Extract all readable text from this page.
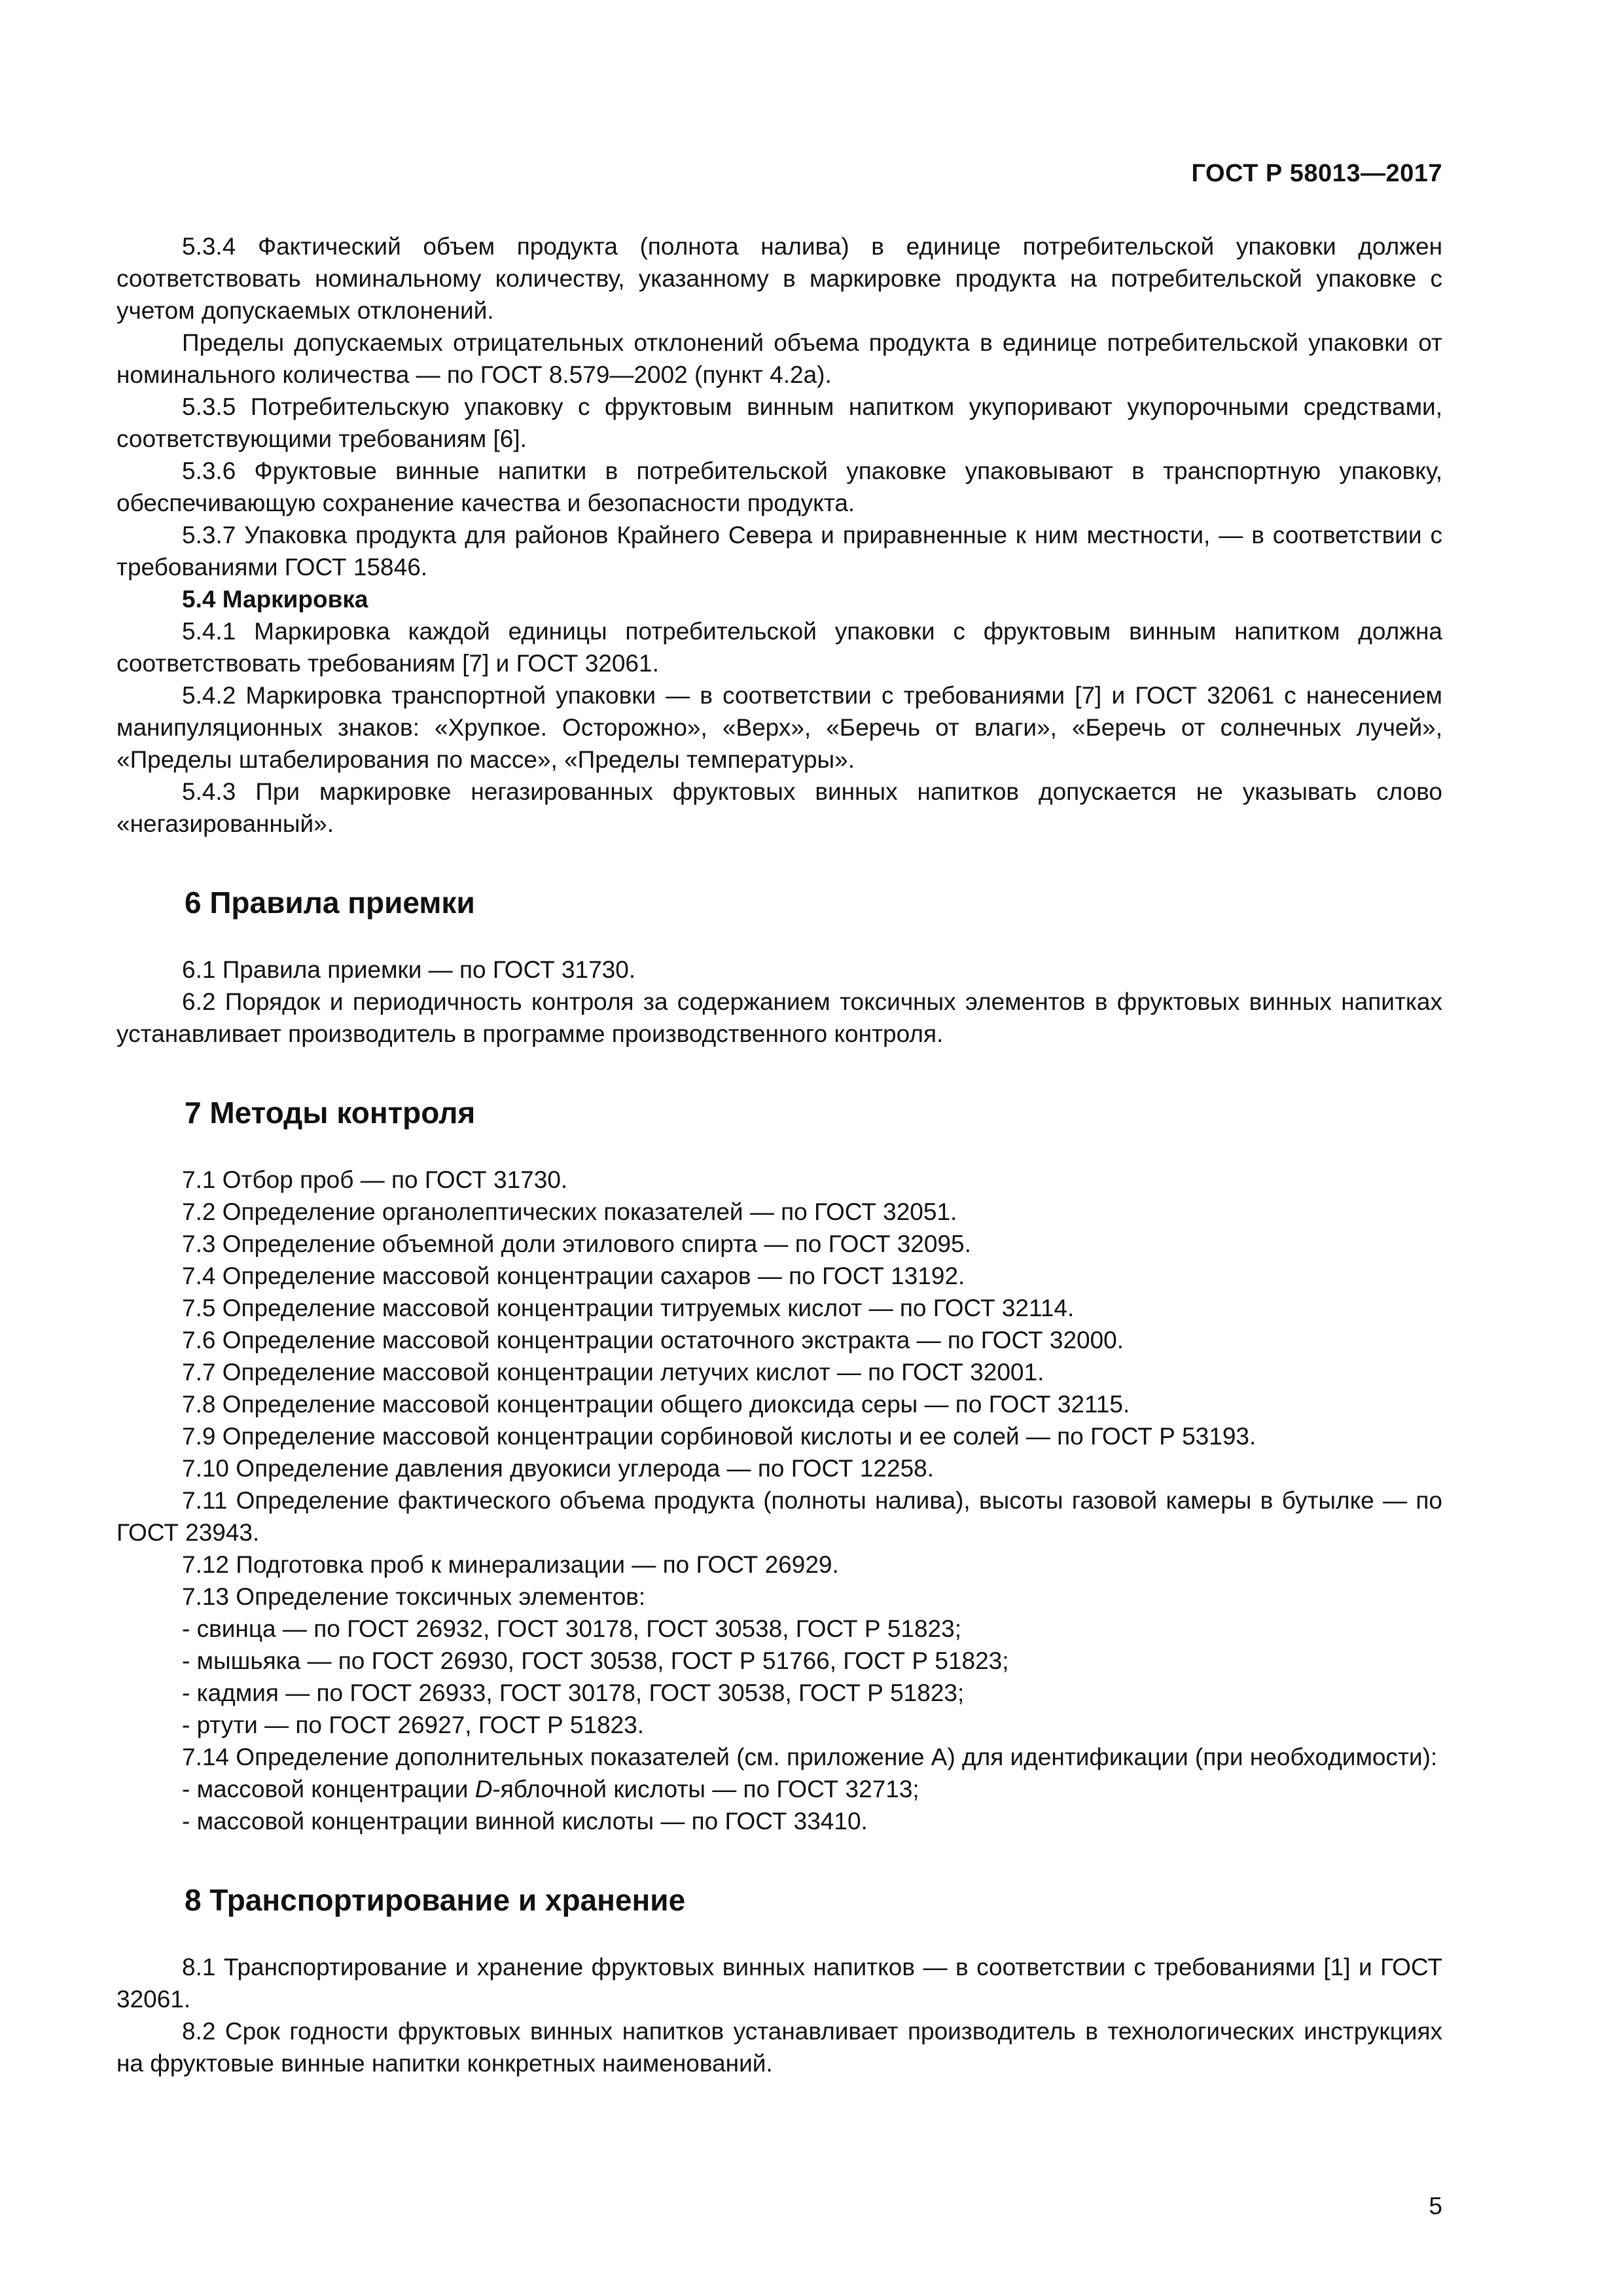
ГОСТ Р 58013—2017

5.3.4 Фактический объем продукта (полнота налива) в единице потребительской упаковки должен соответствовать номинальному количеству, указанному в маркировке продукта на потребительской упаковке с учетом допускаемых отклонений.

Пределы допускаемых отрицательных отклонений объема продукта в единице потребительской упаковки от номинального количества — по ГОСТ 8.579—2002 (пункт 4.2а).

5.3.5 Потребительскую упаковку с фруктовым винным напитком укупоривают укупорочными средствами, соответствующими требованиям [6].

5.3.6 Фруктовые винные напитки в потребительской упаковке упаковывают в транспортную упаковку, обеспечивающую сохранение качества и безопасности продукта.

5.3.7 Упаковка продукта для районов Крайнего Севера и приравненные к ним местности, — в соответствии с требованиями ГОСТ 15846.

5.4 Маркировка

5.4.1 Маркировка каждой единицы потребительской упаковки с фруктовым винным напитком должна соответствовать требованиям [7] и ГОСТ 32061.

5.4.2 Маркировка транспортной упаковки — в соответствии с требованиями [7] и ГОСТ 32061 с нанесением манипуляционных знаков: «Хрупкое. Осторожно», «Верх», «Беречь от влаги», «Беречь от солнечных лучей», «Пределы штабелирования по массе», «Пределы температуры».

5.4.3 При маркировке негазированных фруктовых винных напитков допускается не указывать слово «негазированный».

6 Правила приемки

6.1 Правила приемки — по ГОСТ 31730.

6.2 Порядок и периодичность контроля за содержанием токсичных элементов в фруктовых винных напитках устанавливает производитель в программе производственного контроля.

7 Методы контроля

7.1 Отбор проб — по ГОСТ 31730.

7.2 Определение органолептических показателей — по ГОСТ 32051.

7.3 Определение объемной доли этилового спирта — по ГОСТ 32095.

7.4 Определение массовой концентрации сахаров — по ГОСТ 13192.

7.5 Определение массовой концентрации титруемых кислот — по ГОСТ 32114.

7.6 Определение массовой концентрации остаточного экстракта — по ГОСТ 32000.

7.7 Определение массовой концентрации летучих кислот — по ГОСТ 32001.

7.8 Определение массовой концентрации общего диоксида серы — по ГОСТ 32115.

7.9 Определение массовой концентрации сорбиновой кислоты и ее солей — по ГОСТ Р 53193.

7.10 Определение давления двуокиси углерода — по ГОСТ 12258.

7.11 Определение фактического объема продукта (полноты налива), высоты газовой камеры в бутылке — по ГОСТ 23943.

7.12 Подготовка проб к минерализации — по ГОСТ 26929.

7.13 Определение токсичных элементов:

- свинца — по ГОСТ 26932, ГОСТ 30178, ГОСТ 30538, ГОСТ Р 51823;

- мышьяка — по ГОСТ 26930, ГОСТ 30538, ГОСТ Р 51766, ГОСТ Р 51823;

- кадмия — по ГОСТ 26933, ГОСТ 30178, ГОСТ 30538, ГОСТ Р 51823;

- ртути — по ГОСТ 26927, ГОСТ Р 51823.

7.14 Определение дополнительных показателей (см. приложение А) для идентификации (при необходимости):

- массовой концентрации D-яблочной кислоты — по ГОСТ 32713;

- массовой концентрации винной кислоты — по ГОСТ 33410.

8 Транспортирование и хранение

8.1 Транспортирование и хранение фруктовых винных напитков — в соответствии с требованиями [1] и ГОСТ 32061.

8.2 Срок годности фруктовых винных напитков устанавливает производитель в технологических инструкциях на фруктовые винные напитки конкретных наименований.

5
